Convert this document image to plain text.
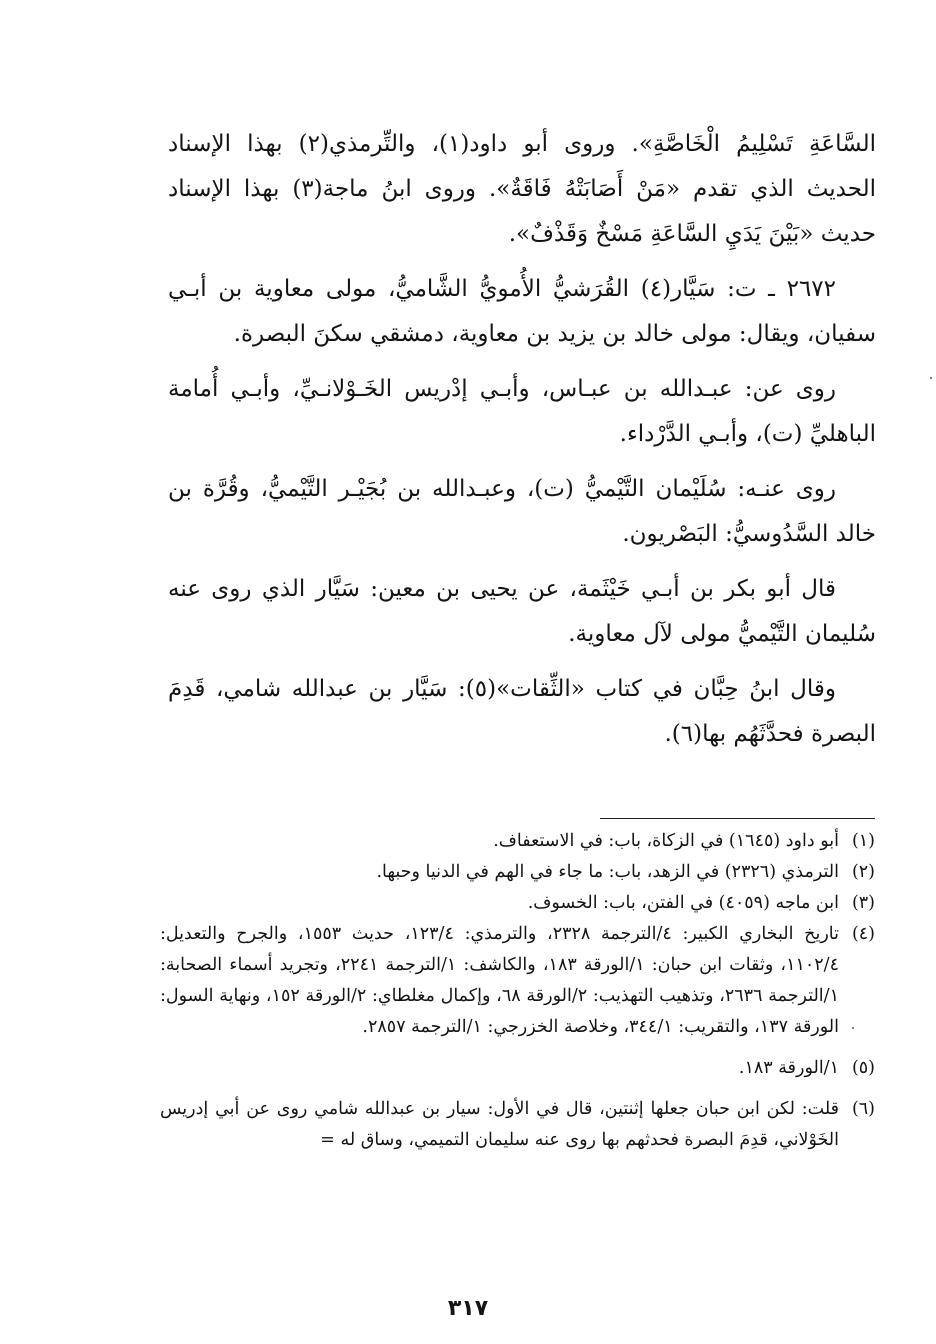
السَّاعَةِ تَسْلِيمُ الْخَاصَّةِ». وروى أبو داود(١)، والتِّرمذي(٢) بهذا الإسناد الحديث الذي تقدم «مَنْ أَصَابَتْهُ فَاقَةٌ». وروى ابنُ ماجة(٣) بهذا الإسناد حديث «بَيْنَ يَدَيِ السَّاعَةِ مَسْخٌ وَقَذْفٌ».

٢٦٧٢ ـ ت: سَيَّار(٤) القُرَشيُّ الأُمويُّ الشَّاميُّ، مولى معاوية بن أبـي سفيان، ويقال: مولى خالد بن يزيد بن معاوية، دمشقي سكنَ البصرة.

روى عن: عبـدالله بن عبـاس، وأبـي إدْريس الخَـوْلانـيِّ، وأبـي أُمامة الباهليِّ (ت)، وأبـي الدَّرْداء.

روى عنـه: سُلَيْمان التَّيْميُّ (ت)، وعبـدالله بن بُجَيْـر التَّيْميُّ، وقُرَّة بن خالد السَّدُوسيُّ: البَصْريون.

قال أبو بكر بن أبـي خَيْثَمة، عن يحيى بن معين: سَيَّار الذي روى عنه سُليمان التَّيْميُّ مولى لآل معاوية.

وقال ابنُ حِبَّان في كتاب «الثِّقات»(٥): سَيَّار بن عبدالله شامي، قَدِمَ البصرة فحدَّثَهُم بها(٦).

(١)
أبو داود (١٦٤٥) في الزكاة، باب: في الاستعفاف.
(٢)
الترمذي (٢٣٢٦) في الزهد، باب: ما جاء في الهم في الدنيا وحبها.
(٣)
ابن ماجه (٤٠٥٩) في الفتن، باب: الخسوف.
(٤)
تاريخ البخاري الكبير: ٤/الترجمة ٢٣٢٨، والترمذي: ١٢٣/٤، حديث ١٥٥٣، والجرح والتعديل: ١١٠٢/٤، وثقات ابن حبان: ١/الورقة ١٨٣، والكاشف: ١/الترجمة ٢٢٤١، وتجريد أسماء الصحابة: ١/الترجمة ٢٦٣٦، وتذهيب التهذيب: ٢/الورقة ٦٨، وإكمال مغلطاي: ٢/الورقة ١٥٢، ونهاية السول: الورقة ١٣٧، والتقريب: ٣٤٤/١، وخلاصة الخزرجي: ١/الترجمة ٢٨٥٧.
(٥)
١/الورقة ١٨٣.
(٦)
قلت: لكن ابن حبان جعلها إثنتين، قال في الأول: سيار بن عبدالله شامي روى عن أبي إدريس الخَوْلاني، قدِمَ البصرة فحدثهم بها روى عنه سليمان التميمي، وساق له =
٣١٧
